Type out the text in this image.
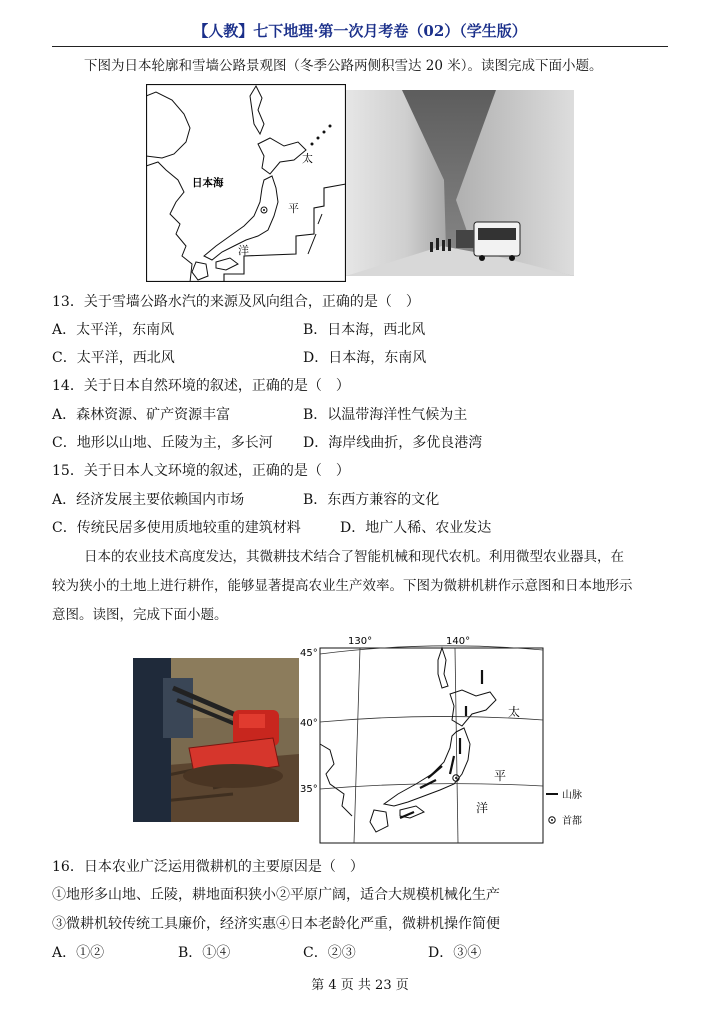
【人教】七下地理·第一次月考卷（02）（学生版）
下图为日本轮廓和雪墙公路景观图（冬季公路两侧积雪达 20 米）。读图完成下面小题。
日本海
太
平
洋
13．关于雪墙公路水汽的来源及风向组合，正确的是（　）
A．太平洋，东南风	B．日本海，西北风
C．太平洋，西北风	D．日本海，东南风
14．关于日本自然环境的叙述，正确的是（　）
A．森林资源、矿产资源丰富	B．以温带海洋性气候为主
C．地形以山地、丘陵为主，多长河 D．海岸线曲折，多优良港湾
15．关于日本人文环境的叙述，正确的是（　）
A．经济发展主要依赖国内市场	B．东西方兼容的文化
C．传统民居多使用质地较重的建筑材料	D．地广人稀、农业发达
日本的农业技术高度发达，其微耕技术结合了智能机械和现代农机。利用微型农业器具，在
较为狭小的土地上进行耕作，能够显著提高农业生产效率。下图为微耕机耕作示意图和日本地形示
意图。读图，完成下面小题。
130°	140°
45°
40°
35°
太
平
洋
山脉
首都
16．日本农业广泛运用微耕机的主要原因是（　）
①地形多山地、丘陵，耕地面积狭小②平原广阔，适合大规模机械化生产
③微耕机较传统工具廉价，经济实惠④日本老龄化严重，微耕机操作简便
A．①②	B．①④	C．②③	D．③④
第 4 页 共 23 页
